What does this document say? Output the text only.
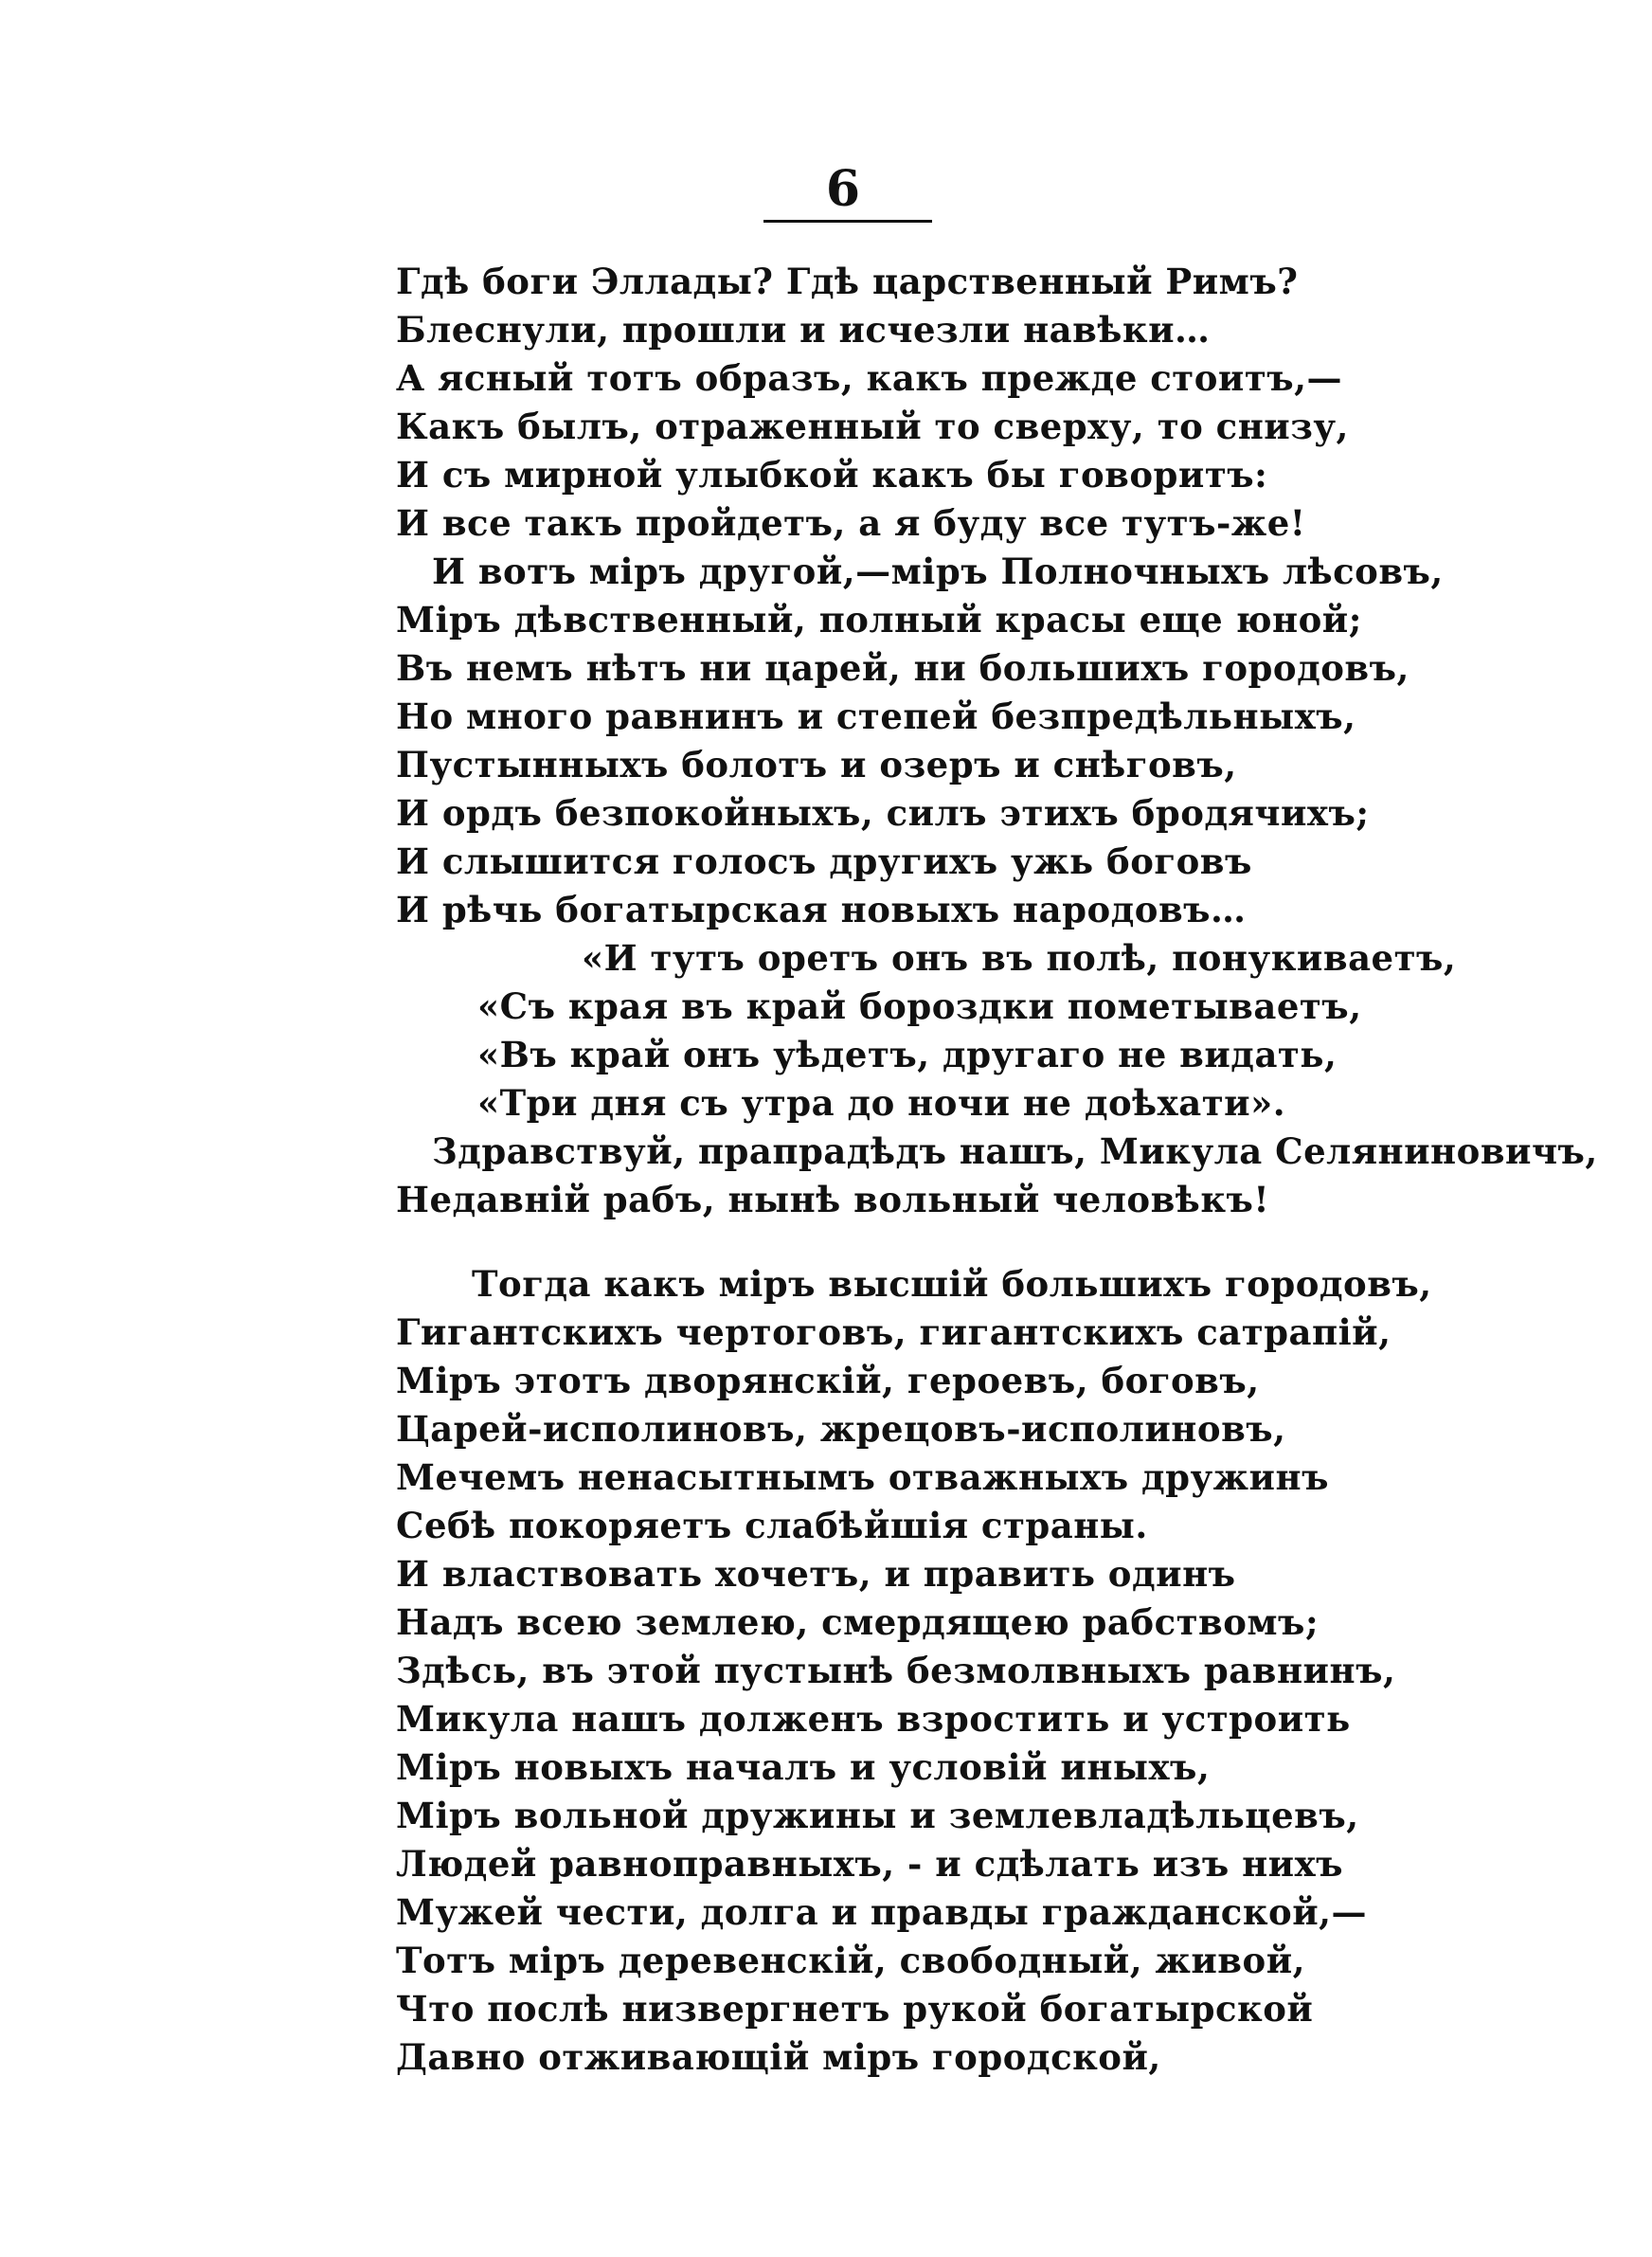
6
Гдѣ боги Эллады? Гдѣ царственный Римъ?
Блеснули, прошли и исчезли навѣки…
А ясный тотъ образъ, какъ прежде стоитъ,—
Какъ былъ, отраженный то сверху, то снизу,
И съ мирной улыбкой какъ бы говоритъ:
И все такъ пройдетъ, а я буду все тутъ-же!
И вотъ міръ другой,—міръ Полночныхъ лѣсовъ,
Міръ дѣвственный, полный красы еще юной;
Въ немъ нѣтъ ни царей, ни большихъ городовъ,
Но много равнинъ и степей безпредѣльныхъ,
Пустынныхъ болотъ и озеръ и снѣговъ,
И ордъ безпокойныхъ, силъ этихъ бродячихъ;
И слышится голосъ другихъ ужь боговъ
И рѣчь богатырская новыхъ народовъ…
«И тутъ оретъ онъ въ полѣ, понукиваетъ,
«Съ края въ край бороздки пометываетъ,
«Въ край онъ уѣдетъ, другаго не видать,
«Три дня съ утра до ночи не доѣхати».
Здравствуй, прапрадѣдъ нашъ, Микула Селяниновичъ,
Недавній рабъ, нынѣ вольный человѣкъ!
Тогда какъ міръ высшій большихъ городовъ,
Гигантскихъ чертоговъ, гигантскихъ сатрапій,
Міръ этотъ дворянскій, героевъ, боговъ,
Царей-исполиновъ, жрецовъ-исполиновъ,
Мечемъ ненасытнымъ отважныхъ дружинъ
Себѣ покоряетъ слабѣйшія страны.
И властвовать хочетъ, и править одинъ
Надъ всею землею, смердящею рабствомъ;
Здѣсь, въ этой пустынѣ безмолвныхъ равнинъ,
Микула нашъ долженъ взростить и устроить
Міръ новыхъ началъ и условій иныхъ,
Міръ вольной дружины и землевладѣльцевъ,
Людей равноправныхъ, - и сдѣлать изъ нихъ
Мужей чести, долга и правды гражданской,—
Тотъ міръ деревенскій, свободный, живой,
Что послѣ низвергнетъ рукой богатырской
Давно отживающій міръ городской,
